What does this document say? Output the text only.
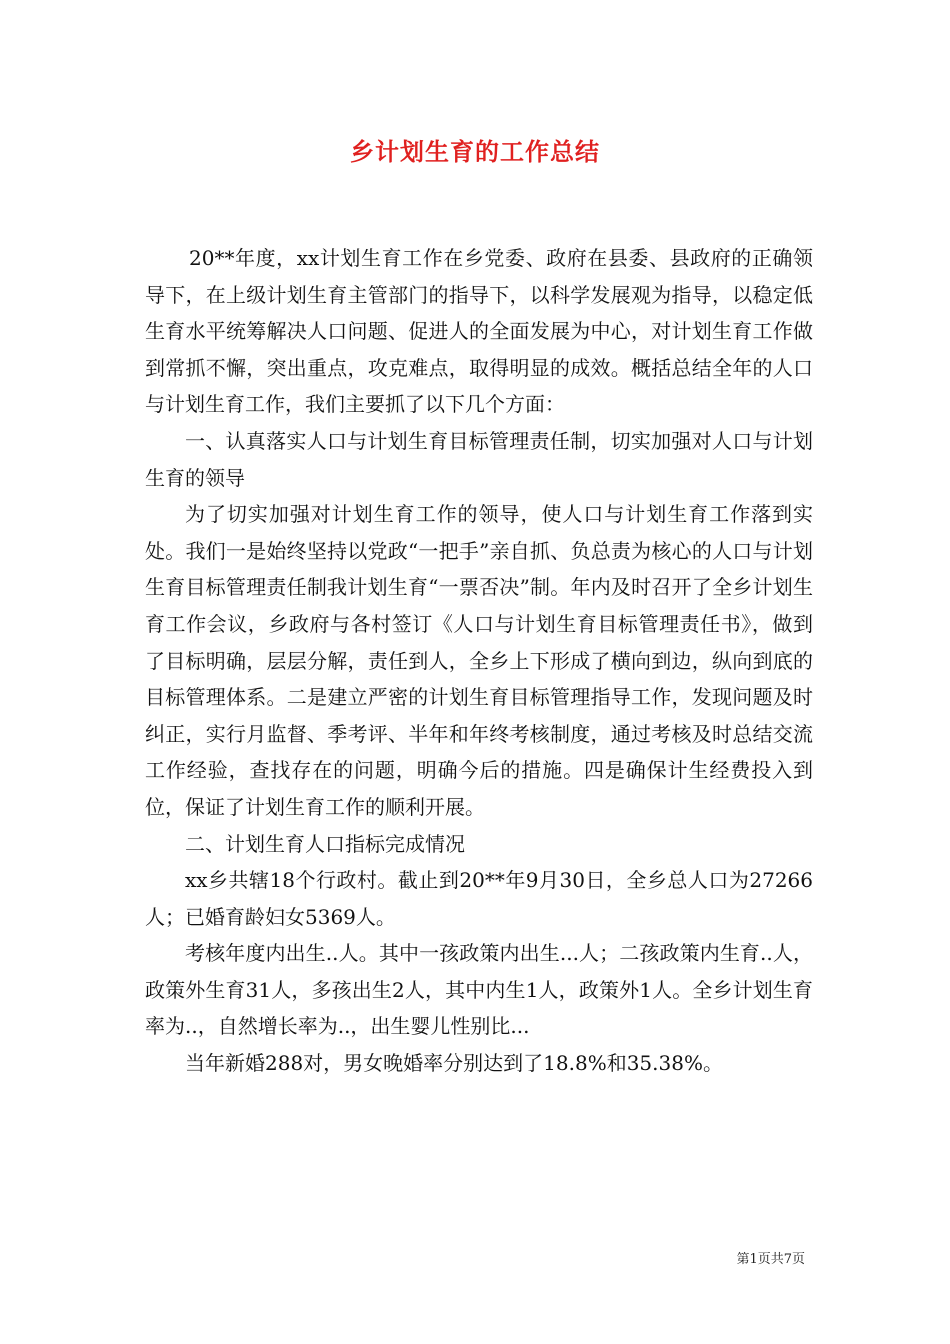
乡计划生育的工作总结

20**年度，xx计划生育工作在乡党委、政府在县委、县政府的正确领导下，在上级计划生育主管部门的指导下，以科学发展观为指导，以稳定低生育水平统筹解决人口问题、促进人的全面发展为中心，对计划生育工作做到常抓不懈，突出重点，攻克难点，取得明显的成效。概括总结全年的人口与计划生育工作，我们主要抓了以下几个方面：

一、认真落实人口与计划生育目标管理责任制，切实加强对人口与计划生育的领导

为了切实加强对计划生育工作的领导，使人口与计划生育工作落到实处。我们一是始终坚持以党政“一把手”亲自抓、负总责为核心的人口与计划生育目标管理责任制我计划生育“一票否决”制。年内及时召开了全乡计划生育工作会议，乡政府与各村签订《人口与计划生育目标管理责任书》，做到了目标明确，层层分解，责任到人，全乡上下形成了横向到边，纵向到底的目标管理体系。二是建立严密的计划生育目标管理指导工作，发现问题及时纠正，实行月监督、季考评、半年和年终考核制度，通过考核及时总结交流工作经验，查找存在的问题，明确今后的措施。四是确保计生经费投入到位，保证了计划生育工作的顺利开展。

二、计划生育人口指标完成情况

xx乡共辖18个行政村。截止到20**年9月30日，全乡总人口为27266人；已婚育龄妇女5369人。

考核年度内出生..人。其中一孩政策内出生...人；二孩政策内生育..人，政策外生育31人，多孩出生2人，其中内生1人，政策外1人。全乡计划生育率为..，自然增长率为..，出生婴儿性别比...

当年新婚288对，男女晚婚率分别达到了18.8%和35.38%。

第1页共7页
